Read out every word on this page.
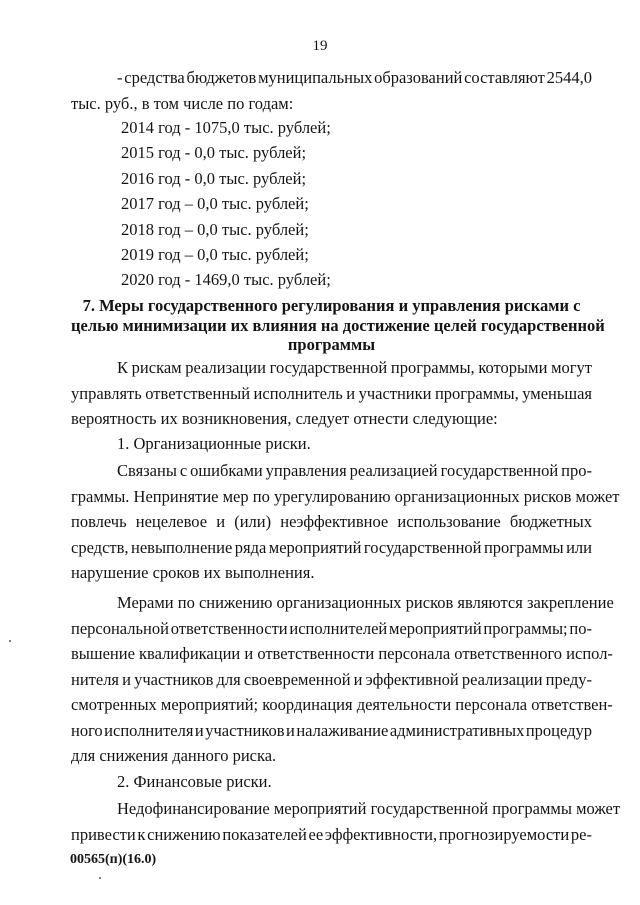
19
- средства бюджетов муниципальных образований составляют 2544,0
тыс. руб., в том числе по годам:
2014 год - 1075,0 тыс. рублей;
2015 год - 0,0 тыс. рублей;
2016 год - 0,0 тыс. рублей;
2017 год – 0,0 тыс. рублей;
2018 год – 0,0 тыс. рублей;
2019 год – 0,0 тыс. рублей;
2020 год - 1469,0 тыс. рублей;
7. Меры государственного регулирования и управления рисками с
целью минимизации их влияния на достижение целей государственной
программы
К рискам реализации государственной программы, которыми могут
управлять ответственный исполнитель и участники программы, уменьшая
вероятность их возникновения, следует отнести следующие:
1. Организационные риски.
Связаны с ошибками управления реализацией государственной про-
граммы. Непринятие мер по урегулированию организационных рисков может
повлечь нецелевое и (или) неэффективное использование бюджетных
средств, невыполнение ряда мероприятий государственной программы или
нарушение сроков их выполнения.
Мерами по снижению организационных рисков являются закрепление
персональной ответственности исполнителей мероприятий программы; по-
вышение квалификации и ответственности персонала ответственного испол-
нителя и участников для своевременной и эффективной реализации преду-
смотренных мероприятий; координация деятельности персонала ответствен-
ного исполнителя и участников и налаживание административных процедур
для снижения данного риска.
2. Финансовые риски.
Недофинансирование мероприятий государственной программы может
привести к снижению показателей ее эффективности, прогнозируемости ре-
00565(п)(16.0)
